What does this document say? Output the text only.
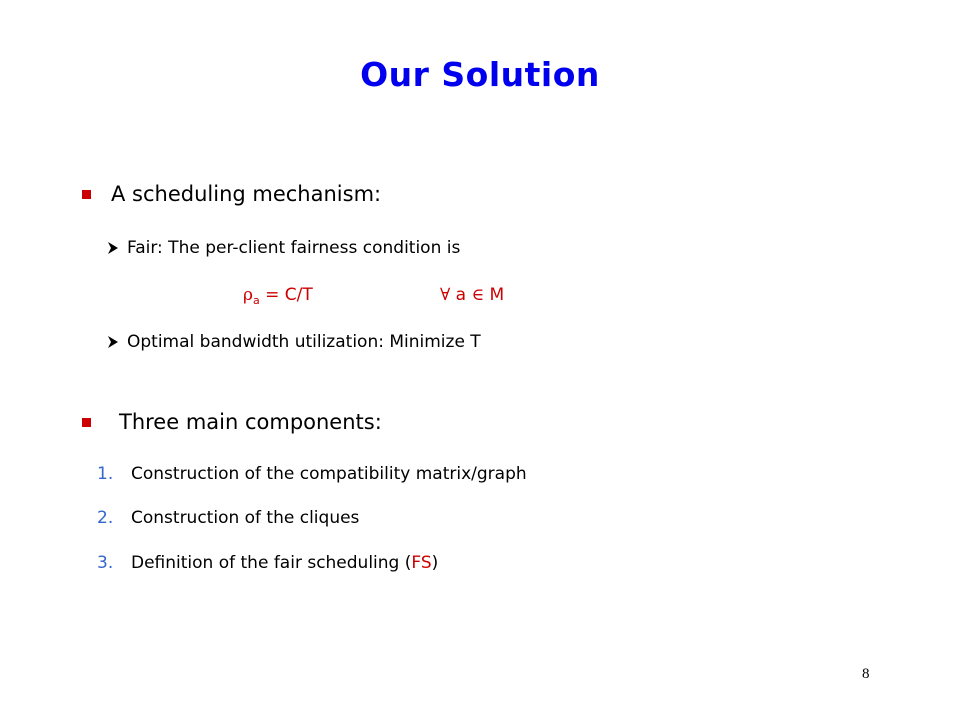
Our Solution
A scheduling mechanism:
Fair: The per-client fairness condition is
$\rho_a = C/T$	∀ a ∈ M
Optimal bandwidth utilization: Minimize T
Three main components:
1.	Construction of the compatibility matrix/graph
2.	Construction of the cliques
3.	Definition of the fair scheduling (FS)
8
